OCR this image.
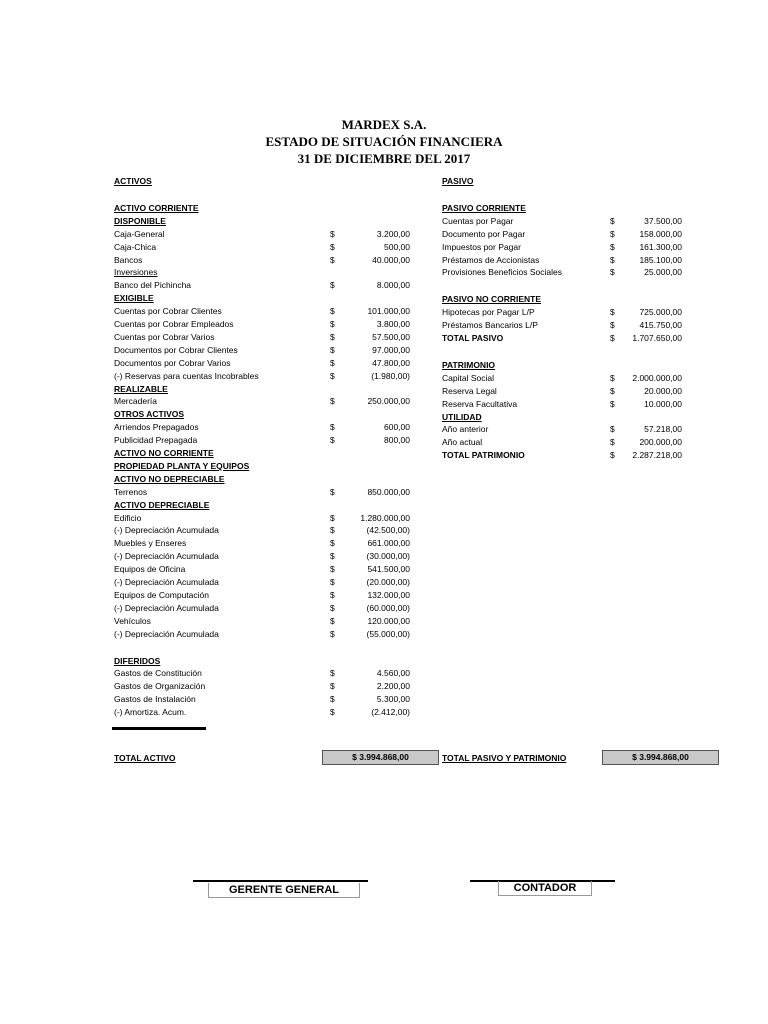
MARDEX S.A.
ESTADO DE SITUACIÓN FINANCIERA
31 DE DICIEMBRE DEL 2017
ACTIVOS
ACTIVO CORRIENTE
DISPONIBLE
Caja-General	$	3.200,00
Caja-Chica	$	500,00
Bancos	$	40.000,00
Inversiones
Banco del Pichincha	$	8.000,00
EXIGIBLE
Cuentas por Cobrar Clientes	$	101.000,00
Cuentas por Cobrar Empleados	$	3.800,00
Cuentas por Cobrar Varios	$	57.500,00
Documentos por Cobrar Clientes	$	97.000,00
Documentos por Cobrar Varios	$	47.800,00
(-) Reservas para cuentas Incobrables	$	(1.980,00)
REALIZABLE
Mercadería	$	250.000,00
OTROS ACTIVOS
Arriendos Prepagados	$	600,00
Publicidad Prepagada	$	800,00
ACTIVO NO CORRIENTE
PROPIEDAD PLANTA Y EQUIPOS
ACTIVO NO DEPRECIABLE
Terrenos	$	850.000,00
ACTIVO DEPRECIABLE
Edificio	$	1.280.000,00
(-) Depreciación Acumulada	$	(42.500,00)
Muebles y Enseres	$	661.000,00
(-) Depreciación Acumulada	$	(30.000,00)
Equipos de Oficina	$	541.500,00
(-) Depreciación Acumulada	$	(20.000,00)
Equipos de Computación	$	132.000,00
(-) Depreciación Acumulada	$	(60.000,00)
Vehículos	$	120.000,00
(-) Depreciación Acumulada	$	(55.000,00)
DIFERIDOS
Gastos de Constitución	$	4.560,00
Gastos de Organización	$	2.200,00
Gastos de Instalación	$	5.300,00
(-) Amortiza. Acum.	$	(2.412,00)
PASIVO
PASIVO CORRIENTE
Cuentas por Pagar	$	37.500,00
Documento por Pagar	$	158.000,00
Impuestos por Pagar	$	161.300,00
Préstamos de Accionistas	$	185.100,00
Provisiones Beneficios Sociales	$	25.000,00
PASIVO NO CORRIENTE
Hipotecas por Pagar L/P	$	725.000,00
Préstamos Bancarios L/P	$	415.750,00
TOTAL PASIVO	$	1.707.650,00
PATRIMONIO
Capital Social	$	2.000.000,00
Reserva Legal	$	20.000,00
Reserva Facultativa	$	10.000,00
UTILIDAD
Año anterior	$	57.218,00
Año actual	$	200.000,00
TOTAL PATRIMONIO	$	2.287.218,00
TOTAL ACTIVO	$ 3.994.868,00	TOTAL PASIVO Y PATRIMONIO	$ 3.994.868,00
GERENTE GENERAL	CONTADOR
